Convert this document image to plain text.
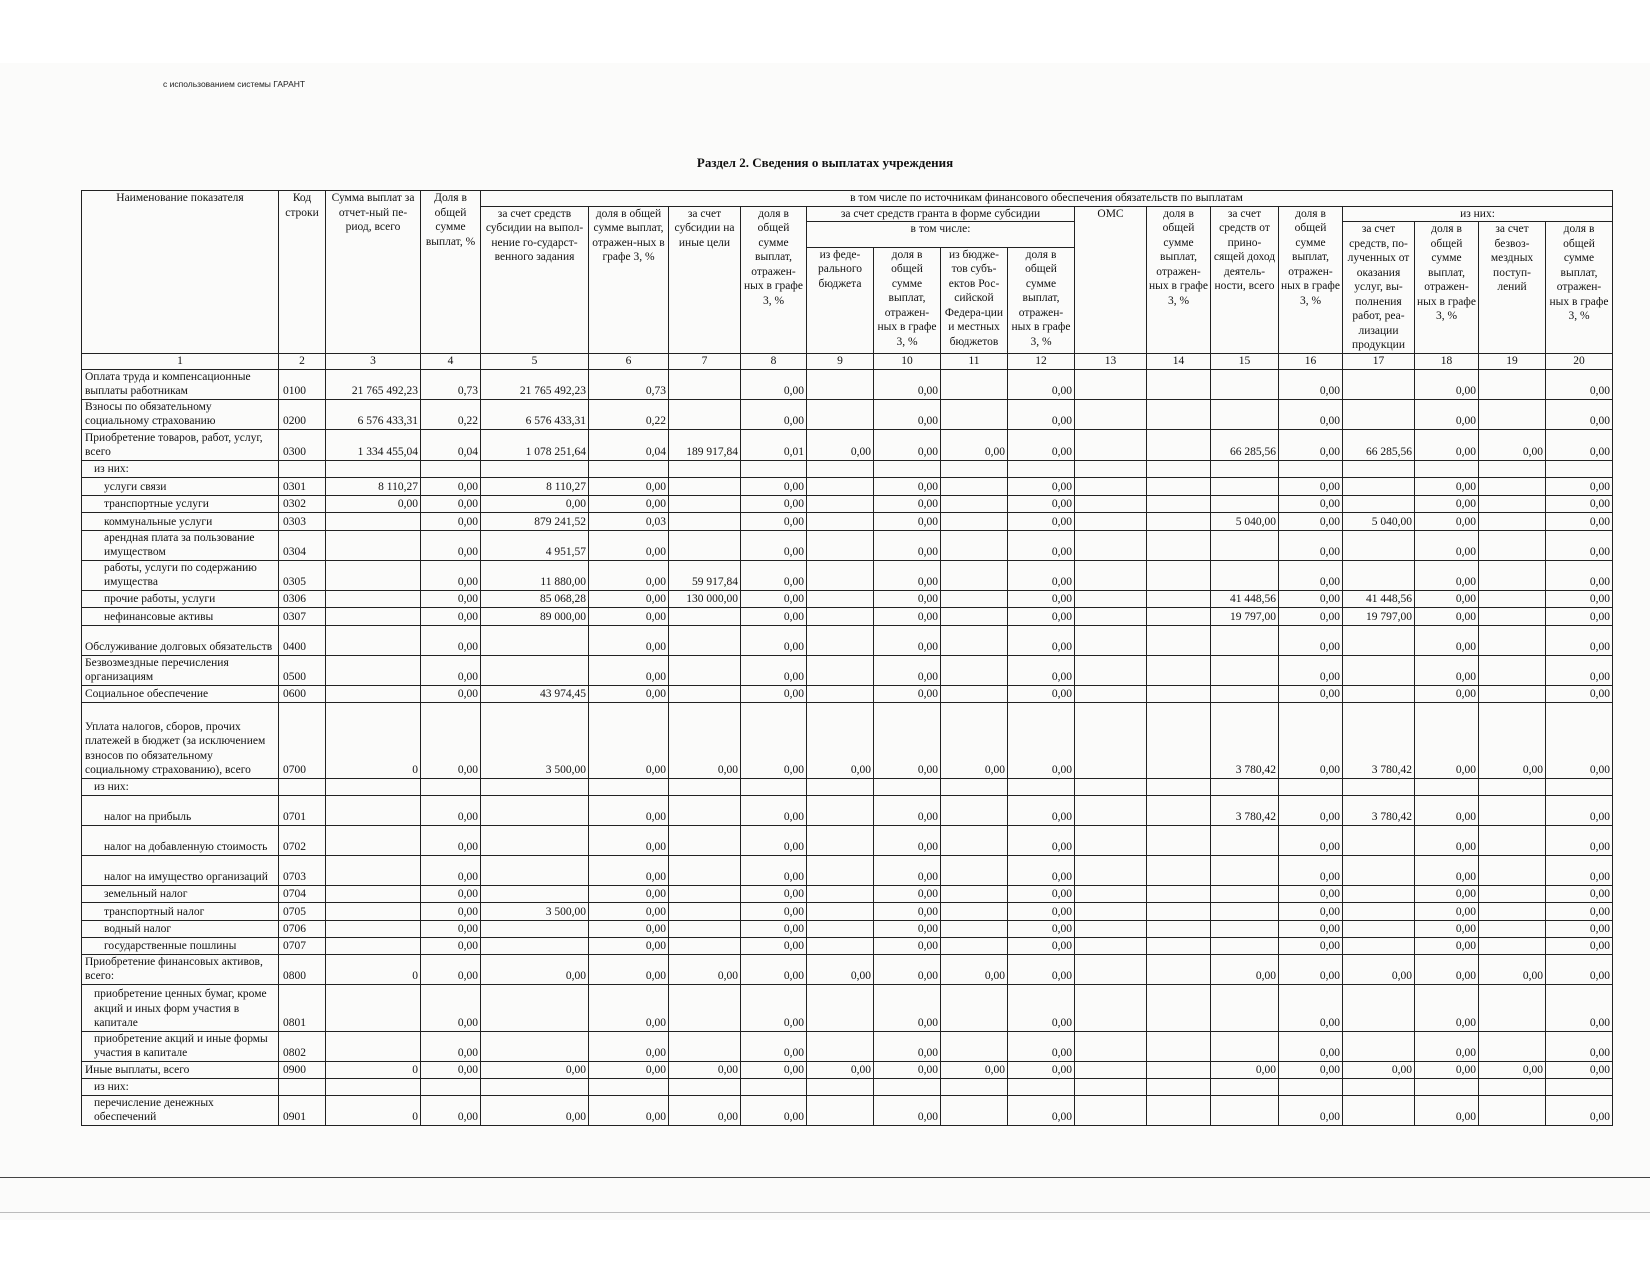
с использованием системы ГАРАНТ
Раздел 2. Сведения о выплатах учреждения
Наименование показателя	Код строки	Сумма выплат за отчет-ный пе-риод, всего	Доля в общей сумме выплат, %	в том числе по источникам финансового обеспечения обязательств по выплатам															
				за счет средств субсидии на выпол-нение го-сударст-венного задания	доля в общей сумме выплат, отражен-ных в графе 3, %	за счет субсидии на иные цели	доля в общей сумме выплат, отражен-ных в графе 3, %	за счет средств гранта в форме субсидии				ОМС	доля в общей сумме выплат, отражен-ных в графе 3, %	за счет средств от прино-сящей доход деятель-ности, всего	доля в общей сумме выплат, отражен-ных в графе 3, %	из них:			
								в том числе:								за счет средств, по-лученных от оказания услуг, вы-полнения работ, реа-лизации продукции	доля в общей сумме выплат, отражен-ных в графе 3, %	за счет безвоз-мездных поступ-лений	доля в общей сумме выплат, отражен-ных в графе 3, %
								из феде-рального бюджета	доля в общей сумме выплат, отражен-ных в графе 3, %	из бюдже-тов субъ-ектов Рос-сийской Федера-ции и местных бюджетов	доля в общей сумме выплат, отражен-ных в графе 3, %								
1	2	3	4	5	6	7	8	9	10	11	12	13	14	15	16	17	18	19	20
Оплата труда и компенсационные выплаты работникам	0100	21 765 492,23	0,73	21 765 492,23	0,73		0,00		0,00		0,00				0,00		0,00		0,00
Взносы по обязательному социальному страхованию	0200	6 576 433,31	0,22	6 576 433,31	0,22		0,00		0,00		0,00				0,00		0,00		0,00
Приобретение товаров, работ, услуг, всего	0300	1 334 455,04	0,04	1 078 251,64	0,04	189 917,84	0,01	0,00	0,00	0,00	0,00			66 285,56	0,00	66 285,56	0,00	0,00	0,00
из них:																			
услуги связи	0301	8 110,27	0,00	8 110,27	0,00		0,00		0,00		0,00				0,00		0,00		0,00
транспортные услуги	0302	0,00	0,00	0,00	0,00		0,00		0,00		0,00				0,00		0,00		0,00
коммунальные услуги	0303		0,00	879 241,52	0,03		0,00		0,00		0,00			5 040,00	0,00	5 040,00	0,00		0,00
арендная плата за пользование имуществом	0304		0,00	4 951,57	0,00		0,00		0,00		0,00				0,00		0,00		0,00
работы, услуги по содержанию имущества	0305		0,00	11 880,00	0,00	59 917,84	0,00		0,00		0,00				0,00		0,00		0,00
прочие работы, услуги	0306		0,00	85 068,28	0,00	130 000,00	0,00		0,00		0,00			41 448,56	0,00	41 448,56	0,00		0,00
нефинансовые активы	0307		0,00	89 000,00	0,00		0,00		0,00		0,00			19 797,00	0,00	19 797,00	0,00		0,00
Обслуживание долговых обязательств	0400		0,00		0,00		0,00		0,00		0,00				0,00		0,00		0,00
Безвозмездные перечисления организациям	0500		0,00		0,00		0,00		0,00		0,00				0,00		0,00		0,00
Социальное обеспечение	0600		0,00	43 974,45	0,00		0,00		0,00		0,00				0,00		0,00		0,00
Уплата налогов, сборов, прочих платежей в бюджет (за исключением взносов по обязательному социальному страхованию), всего	0700	0	0,00	3 500,00	0,00	0,00	0,00	0,00	0,00	0,00	0,00			3 780,42	0,00	3 780,42	0,00	0,00	0,00
из них:																			
налог на прибыль	0701		0,00		0,00		0,00		0,00		0,00			3 780,42	0,00	3 780,42	0,00		0,00
налог на добавленную стоимость	0702		0,00		0,00		0,00		0,00		0,00				0,00		0,00		0,00
налог на имущество организаций	0703		0,00		0,00		0,00		0,00		0,00				0,00		0,00		0,00
земельный налог	0704		0,00		0,00		0,00		0,00		0,00				0,00		0,00		0,00
транспортный налог	0705		0,00	3 500,00	0,00		0,00		0,00		0,00				0,00		0,00		0,00
водный налог	0706		0,00		0,00		0,00		0,00		0,00				0,00		0,00		0,00
государственные пошлины	0707		0,00		0,00		0,00		0,00		0,00				0,00		0,00		0,00
Приобретение финансовых активов, всего:	0800	0	0,00	0,00	0,00	0,00	0,00	0,00	0,00	0,00	0,00			0,00	0,00	0,00	0,00	0,00	0,00
приобретение ценных бумаг, кроме акций и иных форм участия в капитале	0801		0,00		0,00		0,00		0,00		0,00				0,00		0,00		0,00
приобретение акций и иные формы участия в капитале	0802		0,00		0,00		0,00		0,00		0,00				0,00		0,00		0,00
Иные выплаты, всего	0900	0	0,00	0,00	0,00	0,00	0,00	0,00	0,00	0,00	0,00			0,00	0,00	0,00	0,00	0,00	0,00
из них:																			
перечисление денежных обеспечений	0901	0	0,00	0,00	0,00	0,00	0,00		0,00		0,00				0,00		0,00		0,00
